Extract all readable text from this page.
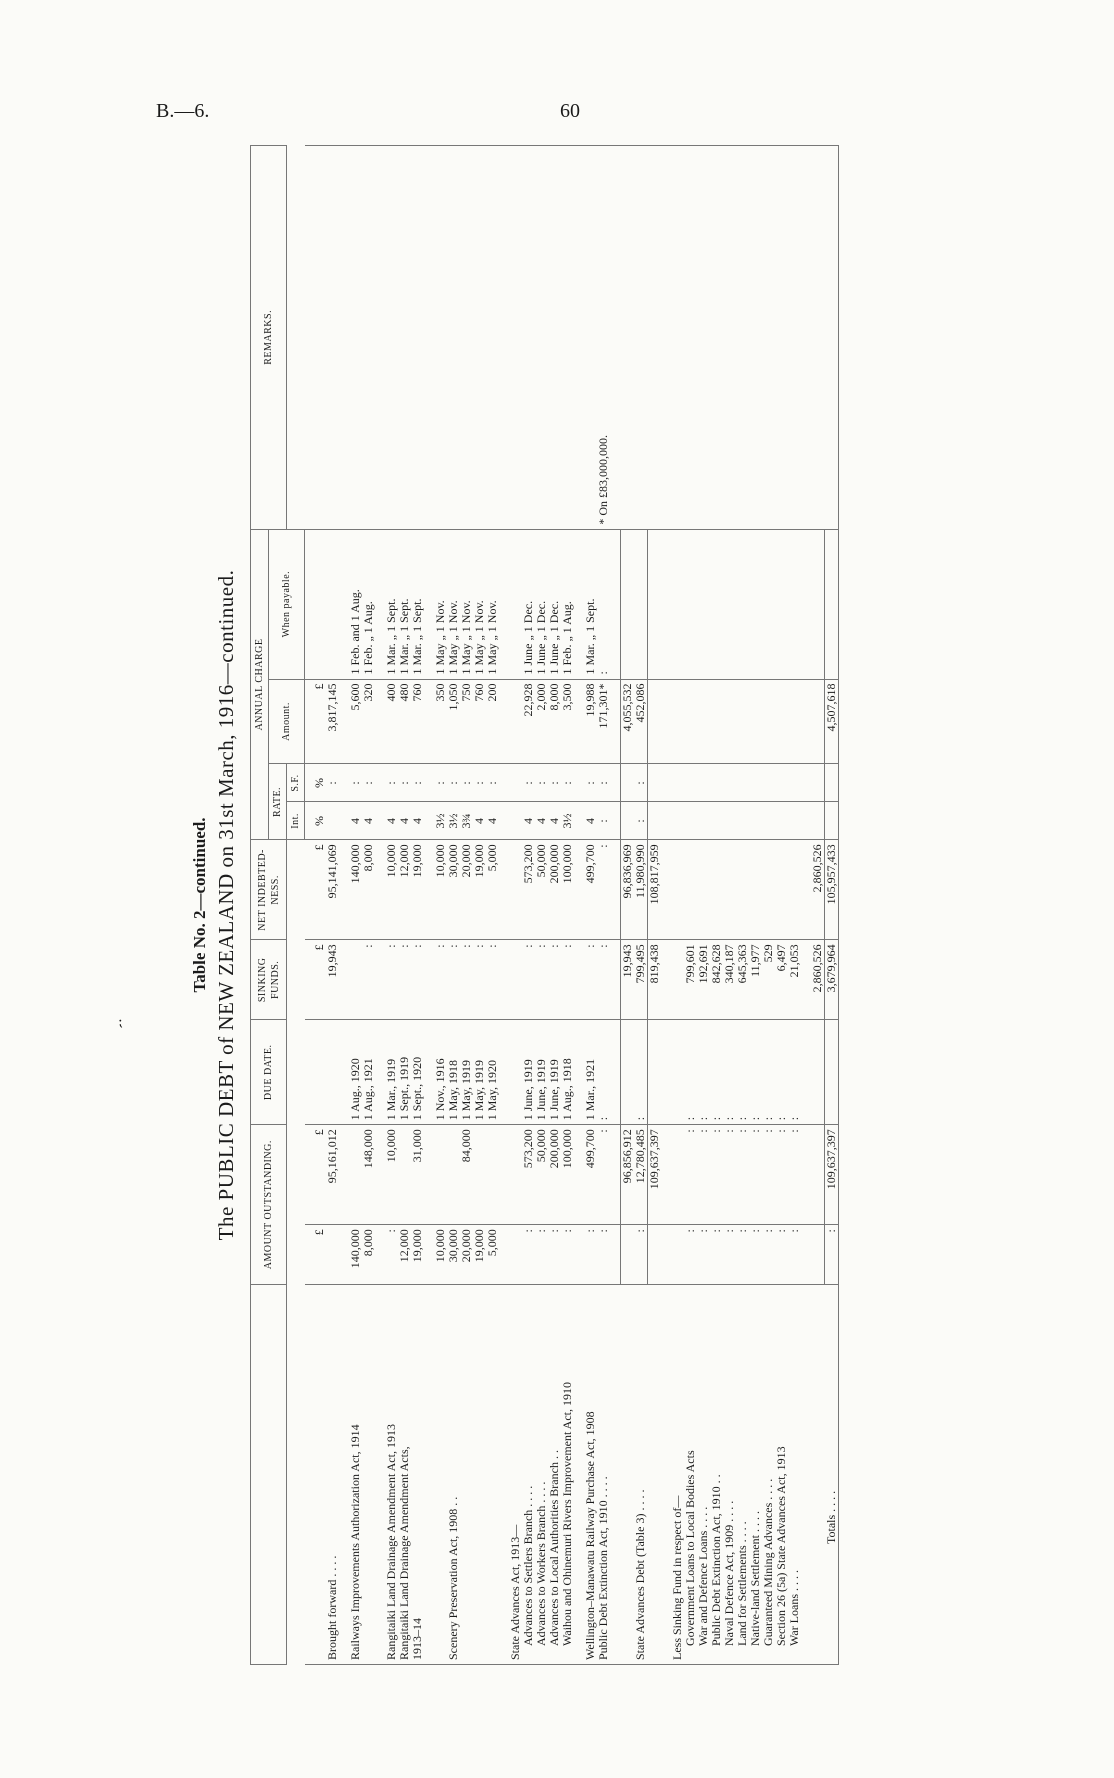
B.—6.	60
⁏
Table No. 2—continued. The PUBLIC DEBT of NEW ZEALAND on 31st March, 1916—continued.
		AMOUNT OUTSTANDING.		DUE DATE.	SINKING FUNDS.	NET INDEBTED-NESS.	ANNUAL CHARGE				REMARKS.
						RATE.		Amount.	When payable.	
						Int.	S.F.			
	£	£		£	£	%	%	£		
Brought forward . . . .		95,161,012		19,943	95,141,069		:	3,817,145		

Railways Improvements Authorization Act, 1914	140,000		1 Aug., 1920		140,000	4	:	5,600	1 Feb. and 1 Aug.	
	8,000	148,000	1 Aug., 1921	:	8,000	4	:	320	1 Feb. „ 1 Aug.	

Rangitaiki Land Drainage Amendment Act, 1913	:	10,000	1 Mar., 1919	:	10,000	4	:	400	1 Mar. „ 1 Sept.	
Rangitaiki Land Drainage Amendment Acts,	12,000		1 Sept., 1919	:	12,000	4	:	480	1 Mar. „ 1 Sept.	
1913–14	19,000	31,000	1 Sept., 1920	:	19,000	4	:	760	1 Mar. „ 1 Sept.	

	10,000		1 Nov., 1916	:	10,000	3½	:	350	1 May „ 1 Nov.	
Scenery Preservation Act, 1908 . .	30,000		1 May, 1918	:	30,000	3½	:	1,050	1 May „ 1 Nov.	
	20,000	84,000	1 May, 1919	:	20,000	3¾	:	750	1 May „ 1 Nov.	
	19,000		1 May, 1919	:	19,000	4	:	760	1 May „ 1 Nov.	
	5,000		1 May, 1920	:	5,000	4	:	200	1 May „ 1 Nov.	

State Advances Act, 1913—										
Advances to Settlers Branch . . . .	:	573,200	1 June, 1919	:	573,200	4	:	22,928	1 June „ 1 Dec.	
Advances to Workers Branch . . . .	:	50,000	1 June, 1919	:	50,000	4	:	2,000	1 June „ 1 Dec.	
Advances to Local Authorities Branch . .	:	200,000	1 June, 1919	:	200,000	4	:	8,000	1 June „ 1 Dec.	
Waihou and Ohinemuri Rivers Improvement Act, 1910	:	100,000	1 Aug., 1918	:	100,000	3½	:	3,500	1 Feb. „ 1 Aug.	

Wellington–Manawatu Railway Purchase Act, 1908	:	499,700	1 Mar., 1921	:	499,700	4	:	19,988	1 Mar. „ 1 Sept.	
Public Debt Extinction Act, 1910 . . . .	:	:	:	:	:	:	:	171,301*	:	* On £83,000,000.

		96,856,912		19,943	96,836,969			4,055,532		
State Advances Debt (Table 3) . . . .	:	12,780,485	:	799,495	11,980,990	:	:	452,086		
		109,637,397		819,438	108,817,959					

Less Sinking Fund in respect of—										
Government Loans to Local Bodies Acts	:	:	:	799,601						
War and Defence Loans . . . .	:	:	:	192,691						
Public Debt Extinction Act, 1910 . .	:	:	:	842,628						
Naval Defence Act, 1909 . . . .	:	:	:	340,187						
Land for Settlements . . . .	:	:	:	645,363						
Native-land Settlement . . . .	:	:	:	11,977						
Guaranteed Mining Advances . . . .	:	:	:	529						
Section 26 (5a) State Advances Act, 1913	:	:	:	6,497						
War Loans . . . .	:	:	:	21,053						

				2,860,526	2,860,526					
Totals . . . .	:	109,637,397		3,679,964	105,957,433			4,507,618		
